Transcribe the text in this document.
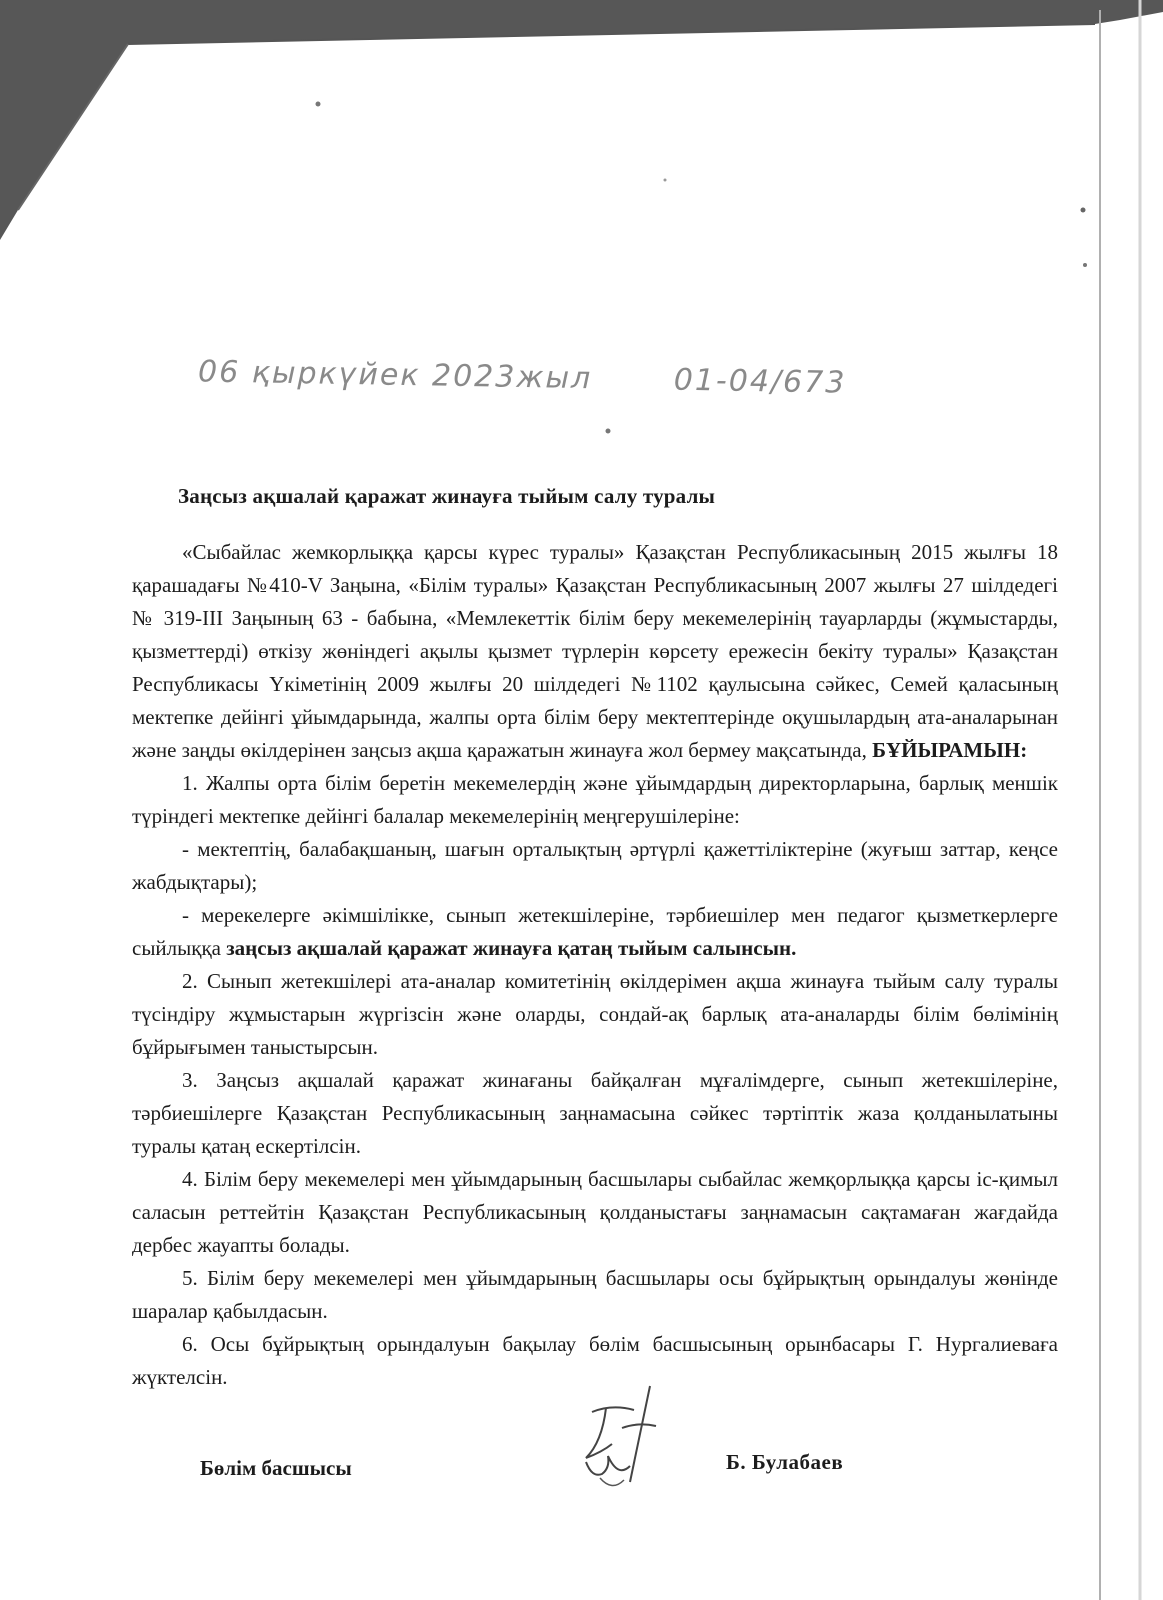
06 қыркүйек 2023жыл	01-04/673
Заңсыз ақшалай қаражат жинауға тыйым салу туралы

«Сыбайлас жемкорлыққа қарсы күрес туралы» Қазақстан Республикасының 2015 жылғы 18 қарашадағы №410-V Заңына, «Білім туралы» Қазақстан Республикасының 2007 жылғы 27 шілдедегі № 319-III Заңының 63 - бабына, «Мемлекеттік білім беру мекемелерінің тауарларды (жұмыстарды, қызметтерді) өткізу жөніндегі ақылы қызмет түрлерін көрсету ережесін бекіту туралы» Қазақстан Республикасы Үкіметінің 2009 жылғы 20 шілдедегі №1102 қаулысына сәйкес, Семей қаласының мектепке дейінгі ұйымдарында, жалпы орта білім беру мектептерінде оқушылардың ата-аналарынан және заңды өкілдерінен заңсыз ақша қаражатын жинауға жол бермеу мақсатында, БҰЙЫРАМЫН:

1. Жалпы орта білім беретін мекемелердің және ұйымдардың директорларына, барлық меншік түріндегі мектепке дейінгі балалар мекемелерінің меңгерушілеріне:

- мектептің, балабақшаның, шағын орталықтың әртүрлі қажеттіліктеріне (жуғыш заттар, кеңсе жабдықтары);

- мерекелерге әкімшілікке, сынып жетекшілеріне, тәрбиешілер мен педагог қызметкерлерге сыйлыққа заңсыз ақшалай қаражат жинауға қатаң тыйым салынсын.

2. Сынып жетекшілері ата-аналар комитетінің өкілдерімен ақша жинауға тыйым салу туралы түсіндіру жұмыстарын жүргізсін және оларды, сондай-ақ барлық ата-аналарды білім бөлімінің бұйрығымен таныстырсын.

3. Заңсыз ақшалай қаражат жинағаны байқалған мұғалімдерге, сынып жетекшілеріне, тәрбиешілерге Қазақстан Республикасының заңнамасына сәйкес тәртіптік жаза қолданылатыны туралы қатаң ескертілсін.

4. Білім беру мекемелері мен ұйымдарының басшылары сыбайлас жемқорлыққа қарсы іс-қимыл саласын реттейтін Қазақстан Республикасының қолданыстағы заңнамасын сақтамаған жағдайда дербес жауапты болады.

5. Білім беру мекемелері мен ұйымдарының басшылары осы бұйрықтың орындалуы жөнінде шаралар қабылдасын.

6. Осы бұйрықтың орындалуын бақылау бөлім басшысының орынбасары Г. Нургалиеваға жүктелсін.

Бөлім басшысы	Б. Булабаев
